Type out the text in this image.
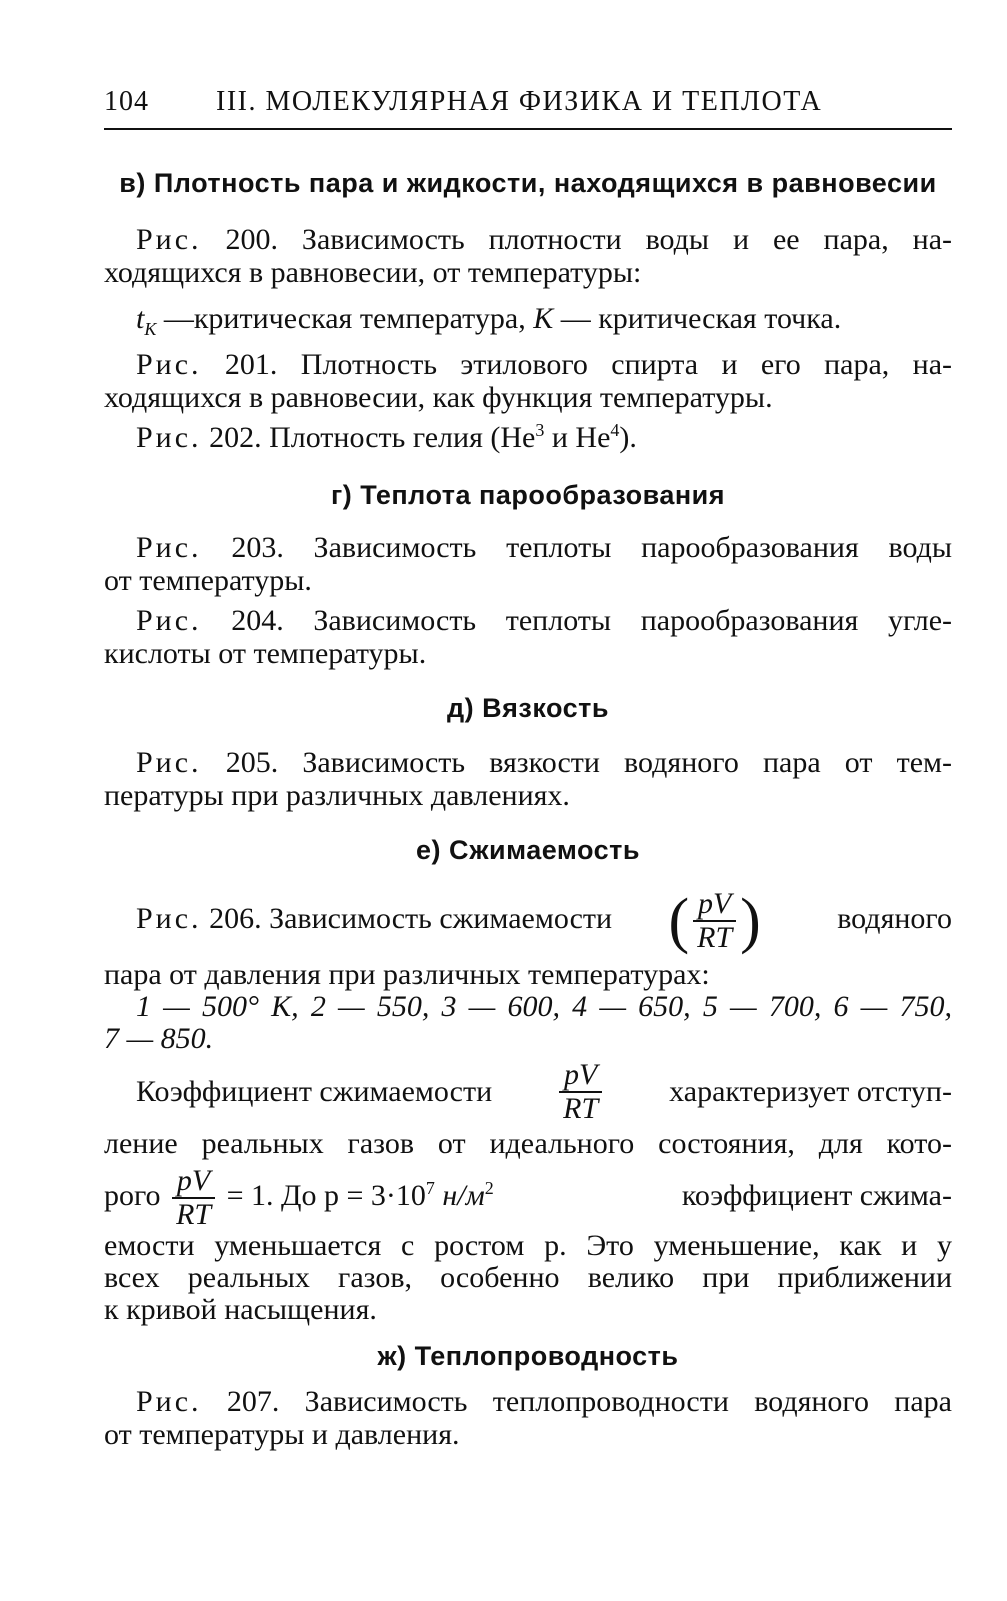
104 III. МОЛЕКУЛЯРНАЯ ФИЗИКА И ТЕПЛОТА
в) Плотность пара и жидкости, находящихся в равновесии
Рис. 200. Зависимость плотности воды и ее пара, на-
ходящихся в равновесии, от температуры:
$t_K$ —критическая температура, K — критическая точка.
Рис. 201. Плотность этилового спирта и его пара, на-
ходящихся в равновесии, как функция температуры.
Рис. 202. Плотность гелия (He$^3$ и He$^4$).
г) Теплота парообразования
Рис. 203. Зависимость теплоты парообразования воды
от температуры.
Рис. 204. Зависимость теплоты парообразования угле-
кислоты от температуры.
д) Вязкость
Рис. 205. Зависимость вязкости водяного пара от тем-
пературы при различных давлениях.
е) Сжимаемость
Рис. 206. Зависимость сжимаемости ( $\frac{pV}{RT}$ )	водяного
пара от давления при различных температурах:
1 — 500° K, 2 — 550, 3 — 600, 4 — 650, 5 — 700, 6 — 750,
7 — 850.
Коэффициент сжимаемости $\frac{pV}{RT}$ характеризует отступ-
ление реальных газов от идеального состояния, для кото-
рого $\frac{pV}{RT} = 1$. До $p = 3\cdot 10^7$ $н/м^2$	коэффициент сжима-
емости уменьшается с ростом p. Это уменьшение, как и у
всех реальных газов, особенно велико при приближении
к кривой насыщения.
ж) Теплопроводность
Рис. 207. Зависимость теплопроводности водяного пара
от температуры и давления.
